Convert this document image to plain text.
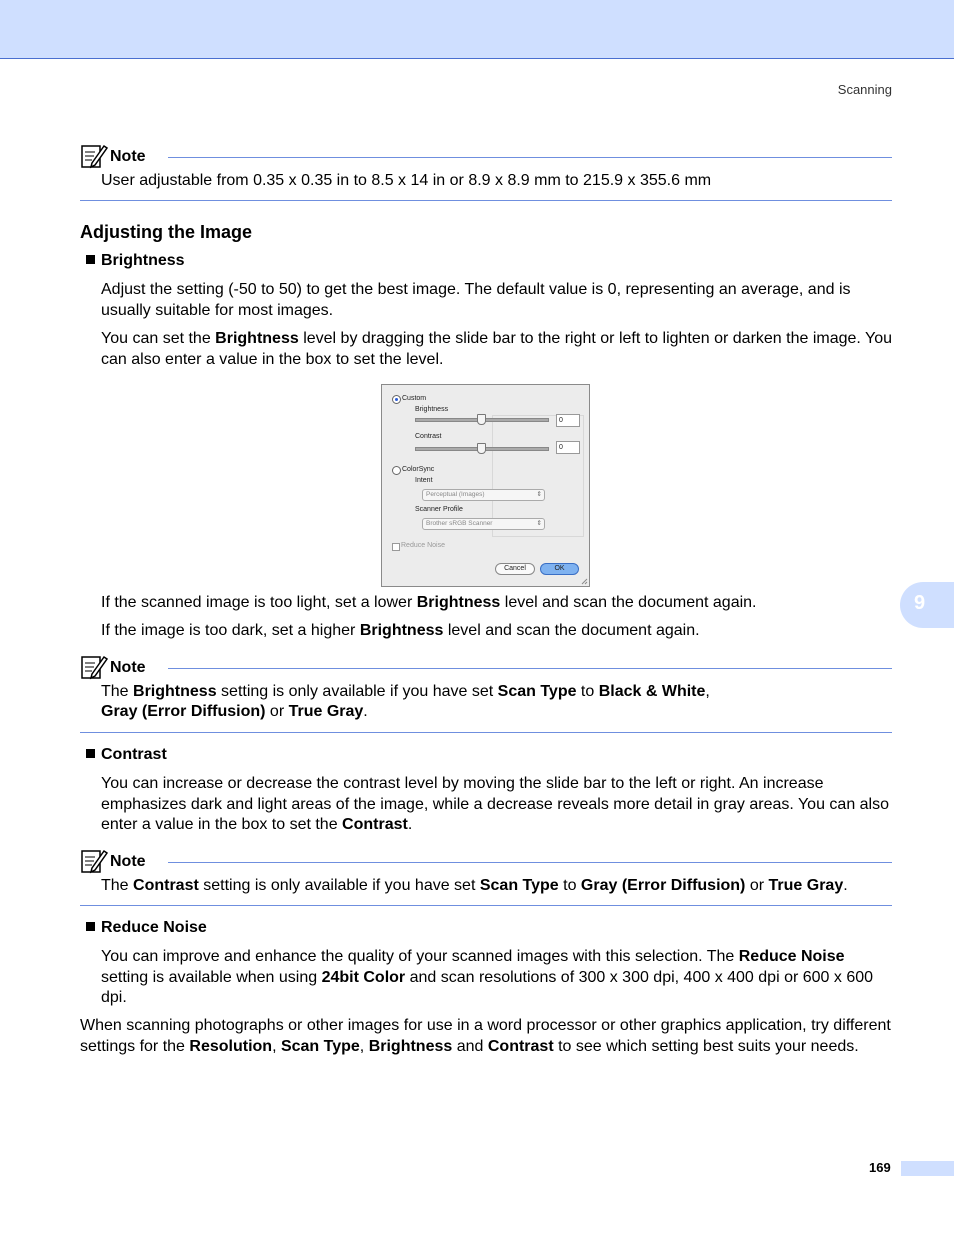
Scanning
9
Note
User adjustable from 0.35 x 0.35 in to 8.5 x 14 in or 8.9 x 8.9 mm to 215.9 x 355.6 mm
Adjusting the Image
Brightness
Adjust the setting (-50 to 50) to get the best image. The default value is 0, representing an average, and is usually suitable for most images.
You can set the Brightness level by dragging the slide bar to the right or left to lighten or darken the image. You can also enter a value in the box to set the level.
Custom
Brightness
0
Contrast
0
ColorSync
Intent
Perceptual (Images)	⇕
Scanner Profile
Brother sRGB Scanner	⇕
Reduce Noise
Cancel	OK
If the scanned image is too light, set a lower Brightness level and scan the document again.
If the image is too dark, set a higher Brightness level and scan the document again.
Note
The Brightness setting is only available if you have set Scan Type to Black & White,
Gray (Error Diffusion) or True Gray.
Contrast
You can increase or decrease the contrast level by moving the slide bar to the left or right. An increase emphasizes dark and light areas of the image, while a decrease reveals more detail in gray areas. You can also enter a value in the box to set the Contrast.
Note
The Contrast setting is only available if you have set Scan Type to Gray (Error Diffusion) or True Gray.
Reduce Noise
You can improve and enhance the quality of your scanned images with this selection. The Reduce Noise setting is available when using 24bit Color and scan resolutions of 300 x 300 dpi, 400 x 400 dpi or 600 x 600 dpi.
When scanning photographs or other images for use in a word processor or other graphics application, try different settings for the Resolution, Scan Type, Brightness and Contrast to see which setting best suits your needs.
169
